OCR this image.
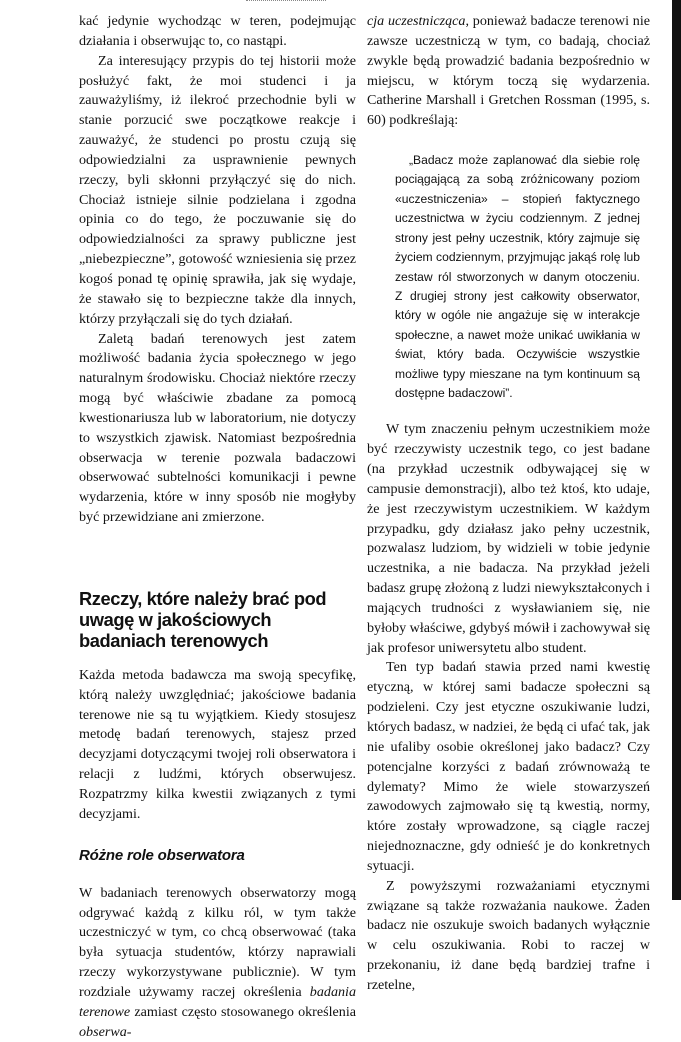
kać jedynie wychodząc w teren, podejmując działania i obserwując to, co nastąpi.

Za interesujący przypis do tej historii może posłużyć fakt, że moi studenci i ja zauważyliśmy, iż ilekroć przechodnie byli w stanie porzucić swe początkowe reakcje i zauważyć, że studenci po prostu czują się odpowiedzialni za usprawnienie pewnych rzeczy, byli skłonni przyłączyć się do nich. Chociaż istnieje silnie podzielana i zgodna opinia co do tego, że poczuwanie się do odpowiedzialności za sprawy publiczne jest „niebezpieczne”, gotowość wzniesienia się przez kogoś ponad tę opinię sprawiła, jak się wydaje, że stawało się to bezpieczne także dla innych, którzy przyłączali się do tych działań.

Zaletą badań terenowych jest zatem możliwość badania życia społecznego w jego naturalnym środowisku. Chociaż niektóre rzeczy mogą być właściwie zbadane za pomocą kwestionariusza lub w laboratorium, nie dotyczy to wszystkich zjawisk. Natomiast bezpośrednia obserwacja w terenie pozwala badaczowi obserwować subtelności komunikacji i pewne wydarzenia, które w inny sposób nie mogłyby być przewidziane ani zmierzone.

Rzeczy, które należy brać pod uwagę w jakościowych badaniach terenowych

Każda metoda badawcza ma swoją specyfikę, którą należy uwzględniać; jakościowe badania terenowe nie są tu wyjątkiem. Kiedy stosujesz metodę badań terenowych, stajesz przed decyzjami dotyczącymi twojej roli obserwatora i relacji z ludźmi, których obserwujesz. Rozpatrzmy kilka kwestii związanych z tymi decyzjami.

Różne role obserwatora

W badaniach terenowych obserwatorzy mogą odgrywać każdą z kilku ról, w tym także uczestniczyć w tym, co chcą obserwować (taka była sytuacja studentów, którzy naprawiali rzeczy wykorzystywane publicznie). W tym rozdziale używamy raczej określenia badania terenowe zamiast często stosowanego określenia obserwa-

cja uczestnicząca, ponieważ badacze terenowi nie zawsze uczestniczą w tym, co badają, chociaż zwykle będą prowadzić badania bezpośrednio w miejscu, w którym toczą się wydarzenia. Catherine Marshall i Gretchen Rossman (1995, s. 60) podkreślają:

„Badacz może zaplanować dla siebie rolę pociągającą za sobą zróżnicowany poziom «uczestniczenia» – stopień faktycznego uczestnictwa w życiu codziennym. Z jednej strony jest pełny uczestnik, który zajmuje się życiem codziennym, przyjmując jakąś rolę lub zestaw ról stworzonych w danym otoczeniu. Z drugiej strony jest całkowity obserwator, który w ogóle nie angażuje się w interakcje społeczne, a nawet może unikać uwikłania w świat, który bada. Oczywiście wszystkie możliwe typy mieszane na tym kontinuum są dostępne badaczowi”.

W tym znaczeniu pełnym uczestnikiem może być rzeczywisty uczestnik tego, co jest badane (na przykład uczestnik odbywającej się w campusie demonstracji), albo też ktoś, kto udaje, że jest rzeczywistym uczestnikiem. W każdym przypadku, gdy działasz jako pełny uczestnik, pozwalasz ludziom, by widzieli w tobie jedynie uczestnika, a nie badacza. Na przykład jeżeli badasz grupę złożoną z ludzi niewykształconych i mających trudności z wysławianiem się, nie byłoby właściwe, gdybyś mówił i zachowywał się jak profesor uniwersytetu albo student.

Ten typ badań stawia przed nami kwestię etyczną, w której sami badacze społeczni są podzieleni. Czy jest etyczne oszukiwanie ludzi, których badasz, w nadziei, że będą ci ufać tak, jak nie ufaliby osobie określonej jako badacz? Czy potencjalne korzyści z badań zrównoważą te dylematy? Mimo że wiele stowarzyszeń zawodowych zajmowało się tą kwestią, normy, które zostały wprowadzone, są ciągle raczej niejednoznaczne, gdy odnieść je do konkretnych sytuacji.

Z powyższymi rozważaniami etycznymi związane są także rozważania naukowe. Żaden badacz nie oszukuje swoich badanych wyłącznie w celu oszukiwania. Robi to raczej w przekonaniu, iż dane będą bardziej trafne i rzetelne,
